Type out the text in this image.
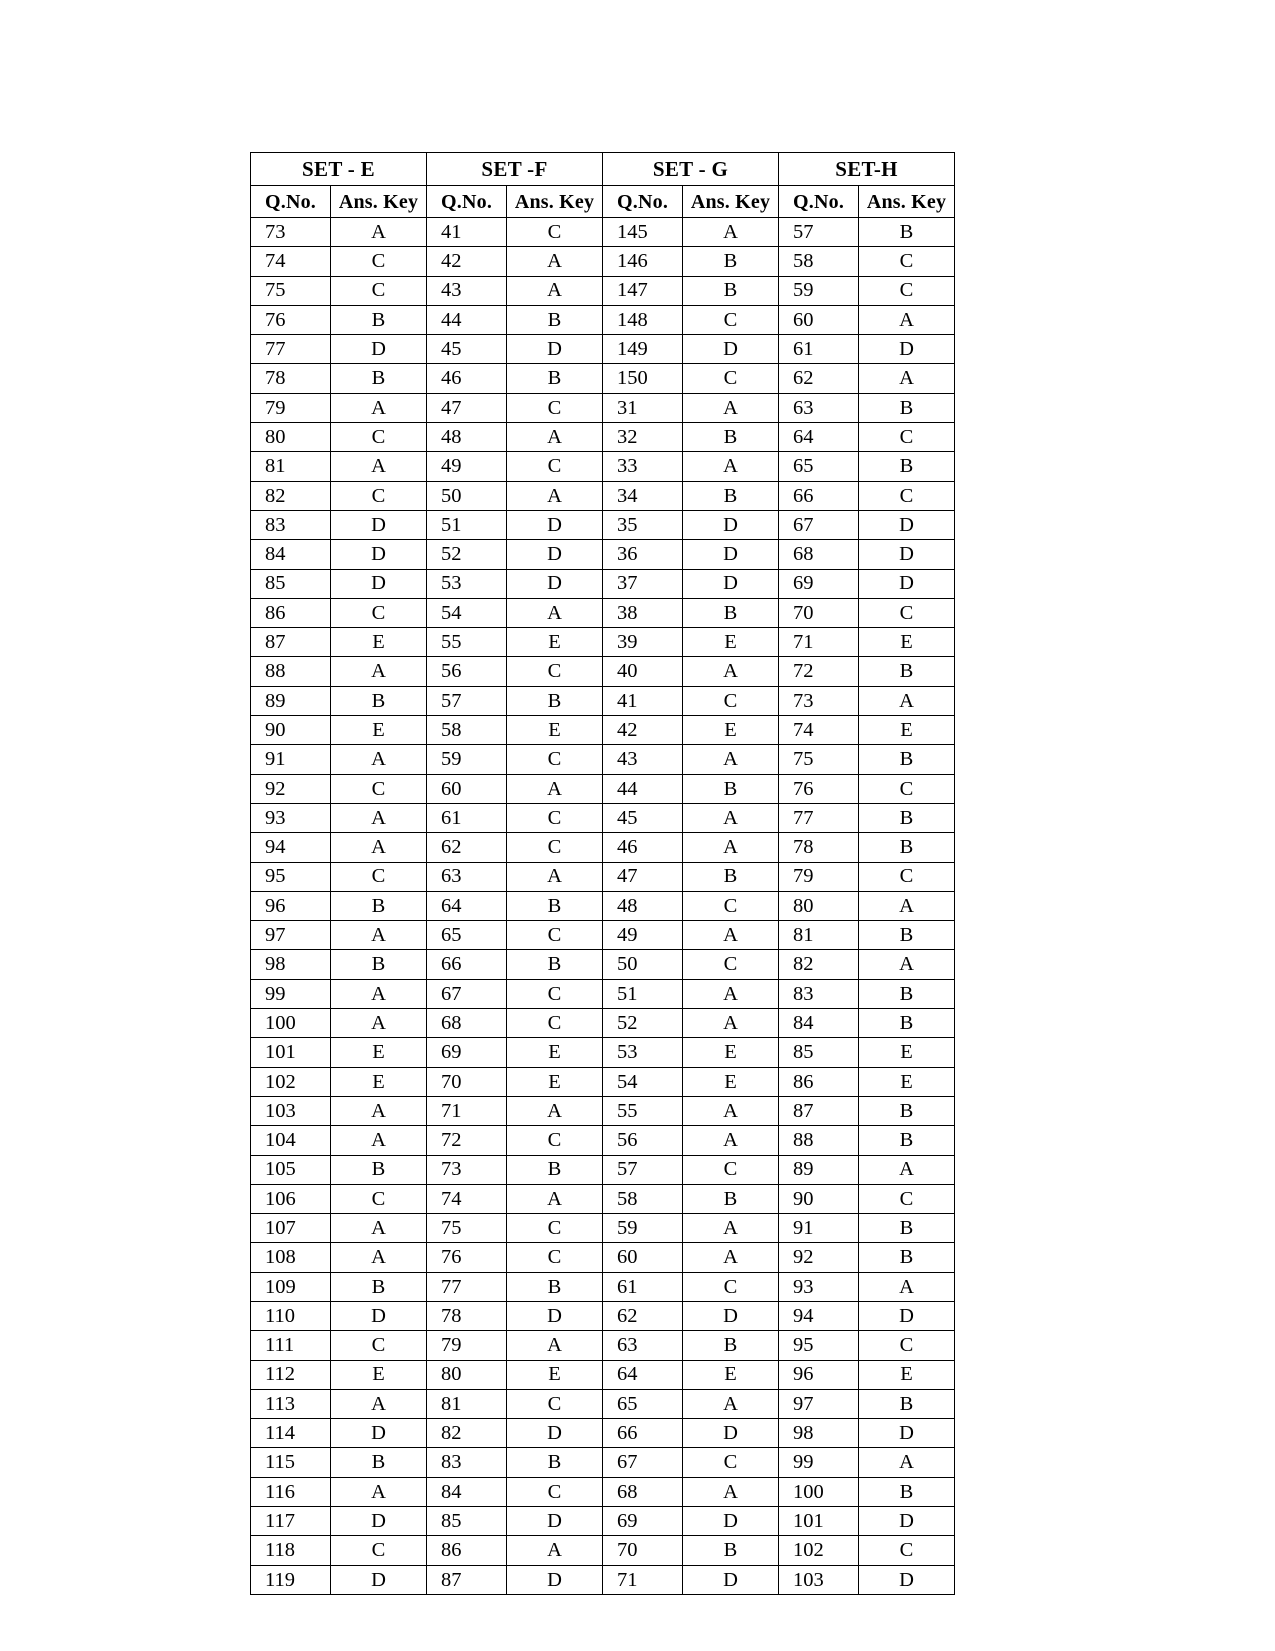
SET - E		SET -F		SET - G		SET-H	
Q.No.	Ans. Key	Q.No.	Ans. Key	Q.No.	Ans. Key	Q.No.	Ans. Key
73	A	41	C	145	A	57	B
74	C	42	A	146	B	58	C
75	C	43	A	147	B	59	C
76	B	44	B	148	C	60	A
77	D	45	D	149	D	61	D
78	B	46	B	150	C	62	A
79	A	47	C	31	A	63	B
80	C	48	A	32	B	64	C
81	A	49	C	33	A	65	B
82	C	50	A	34	B	66	C
83	D	51	D	35	D	67	D
84	D	52	D	36	D	68	D
85	D	53	D	37	D	69	D
86	C	54	A	38	B	70	C
87	E	55	E	39	E	71	E
88	A	56	C	40	A	72	B
89	B	57	B	41	C	73	A
90	E	58	E	42	E	74	E
91	A	59	C	43	A	75	B
92	C	60	A	44	B	76	C
93	A	61	C	45	A	77	B
94	A	62	C	46	A	78	B
95	C	63	A	47	B	79	C
96	B	64	B	48	C	80	A
97	A	65	C	49	A	81	B
98	B	66	B	50	C	82	A
99	A	67	C	51	A	83	B
100	A	68	C	52	A	84	B
101	E	69	E	53	E	85	E
102	E	70	E	54	E	86	E
103	A	71	A	55	A	87	B
104	A	72	C	56	A	88	B
105	B	73	B	57	C	89	A
106	C	74	A	58	B	90	C
107	A	75	C	59	A	91	B
108	A	76	C	60	A	92	B
109	B	77	B	61	C	93	A
110	D	78	D	62	D	94	D
111	C	79	A	63	B	95	C
112	E	80	E	64	E	96	E
113	A	81	C	65	A	97	B
114	D	82	D	66	D	98	D
115	B	83	B	67	C	99	A
116	A	84	C	68	A	100	B
117	D	85	D	69	D	101	D
118	C	86	A	70	B	102	C
119	D	87	D	71	D	103	D
